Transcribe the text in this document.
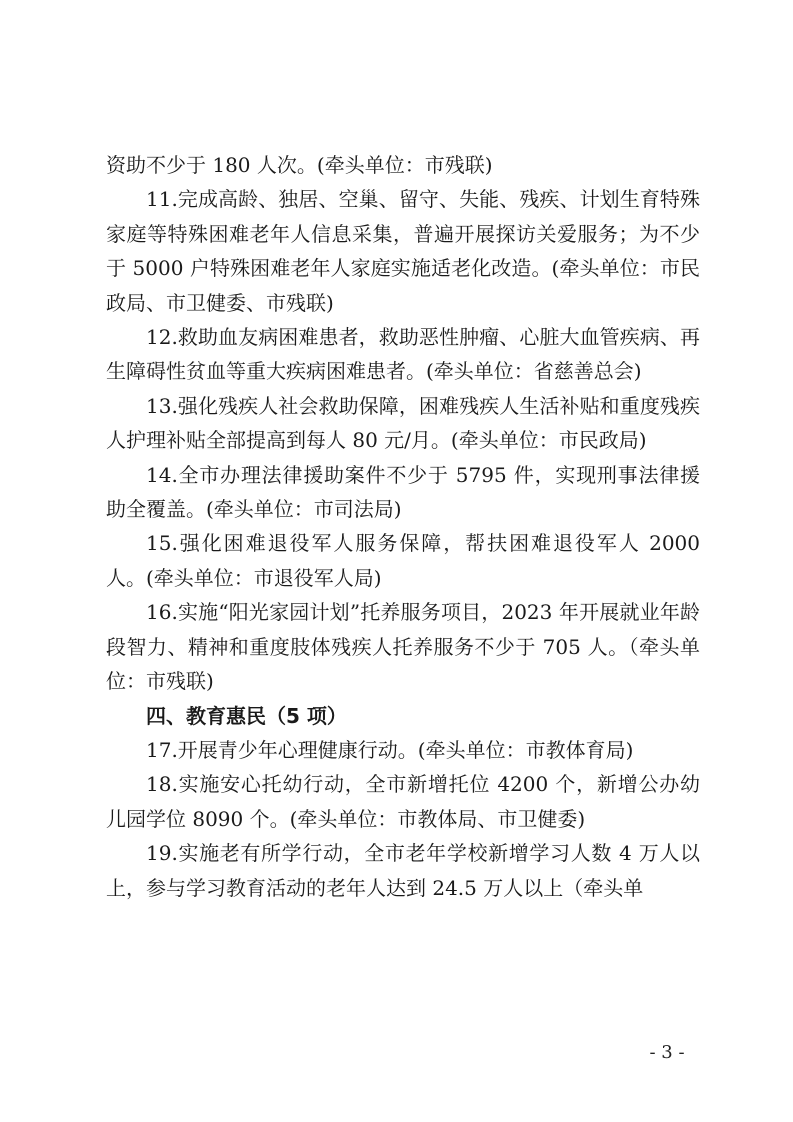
资助不少于 180 人次。(牵头单位：市残联)

11.完成高龄、独居、空巢、留守、失能、残疾、计划生育特殊家庭等特殊困难老年人信息采集，普遍开展探访关爱服务；为不少于 5000 户特殊困难老年人家庭实施适老化改造。(牵头单位：市民政局、市卫健委、市残联)

12.救助血友病困难患者，救助恶性肿瘤、心脏大血管疾病、再生障碍性贫血等重大疾病困难患者。(牵头单位：省慈善总会)

13.强化残疾人社会救助保障，困难残疾人生活补贴和重度残疾人护理补贴全部提高到每人 80 元/月。(牵头单位：市民政局)

14.全市办理法律援助案件不少于 5795 件，实现刑事法律援助全覆盖。(牵头单位：市司法局)

15.强化困难退役军人服务保障，帮扶困难退役军人 2000 人。(牵头单位：市退役军人局)

16.实施“阳光家园计划”托养服务项目，2023 年开展就业年龄段智力、精神和重度肢体残疾人托养服务不少于 705 人。（牵头单位：市残联)

四、教育惠民（5 项）

17.开展青少年心理健康行动。(牵头单位：市教体育局)

18.实施安心托幼行动，全市新增托位 4200 个，新增公办幼儿园学位 8090 个。(牵头单位：市教体局、市卫健委)

19.实施老有所学行动，全市老年学校新增学习人数 4 万人以上，参与学习教育活动的老年人达到 24.5 万人以上（牵头单

- 3 -
